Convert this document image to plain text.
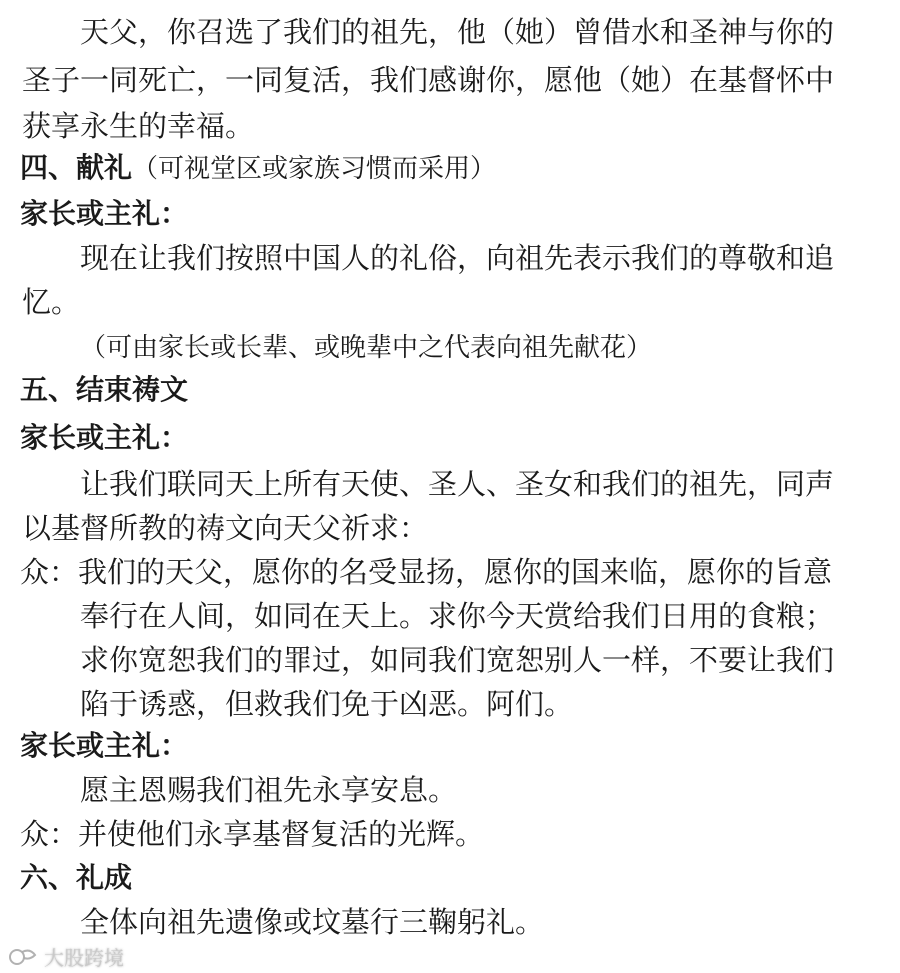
天父，你召选了我们的祖先，他（她）曾借水和圣神与你的
圣子一同死亡，一同复活，我们感谢你，愿他（她）在基督怀中
获享永生的幸福。
四、献礼（可视堂区或家族习惯而采用）
家长或主礼：
现在让我们按照中国人的礼俗，向祖先表示我们的尊敬和追
忆。
（可由家长或长辈、或晚辈中之代表向祖先献花）
五、结束祷文
家长或主礼：
让我们联同天上所有天使、圣人、圣女和我们的祖先，同声
以基督所教的祷文向天父祈求：
众：我们的天父，愿你的名受显扬，愿你的国来临，愿你的旨意
奉行在人间，如同在天上。求你今天赏给我们日用的食粮；
求你宽恕我们的罪过，如同我们宽恕别人一样，不要让我们
陷于诱惑，但救我们免于凶恶。阿们。
家长或主礼：
愿主恩赐我们祖先永享安息。
众：并使他们永享基督复活的光辉。
六、礼成
全体向祖先遗像或坟墓行三鞠躬礼。
大股跨境
